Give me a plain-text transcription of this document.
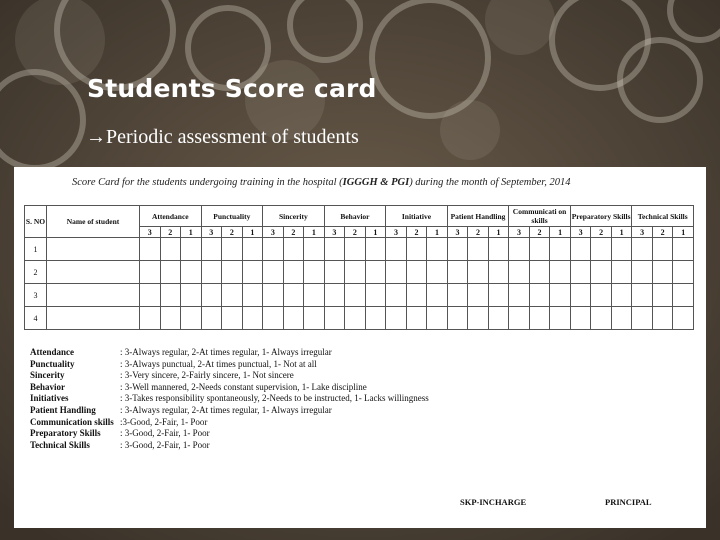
Students Score card
→Periodic assessment of students
Score Card for the students undergoing training in the hospital (IGGGH & PGI) during the month of September, 2014
S. NO	Name of student	Attendance			Punctuality			Sincerity			Behavior			Initiative			Patient Handling			Communicati on skills			Preparatory Skills			Technical Skills		
		3	2	1	3	2	1	3	2	1	3	2	1	3	2	1	3	2	1	3	2	1	3	2	1	3	2	1
1																												
2																												
3																												
4																												
Attendance	: 3-Always regular, 2-At times regular, 1- Always irregular
Punctuality	: 3-Always punctual, 2-At times punctual, 1- Not at all
Sincerity	: 3-Very sincere, 2-Fairly sincere, 1- Not sincere
Behavior	: 3-Well mannered, 2-Needs constant supervision, 1- Lake discipline
Initiatives	: 3-Takes responsibility spontaneously, 2-Needs to be instructed, 1- Lacks willingness
Patient Handling	: 3-Always regular, 2-At times regular, 1- Always irregular
Communication skills :3-Good, 2-Fair, 1- Poor
Preparatory Skills : 3-Good, 2-Fair, 1- Poor
Technical Skills	: 3-Good, 2-Fair, 1- Poor
SKP-INCHARGE	PRINCIPAL
